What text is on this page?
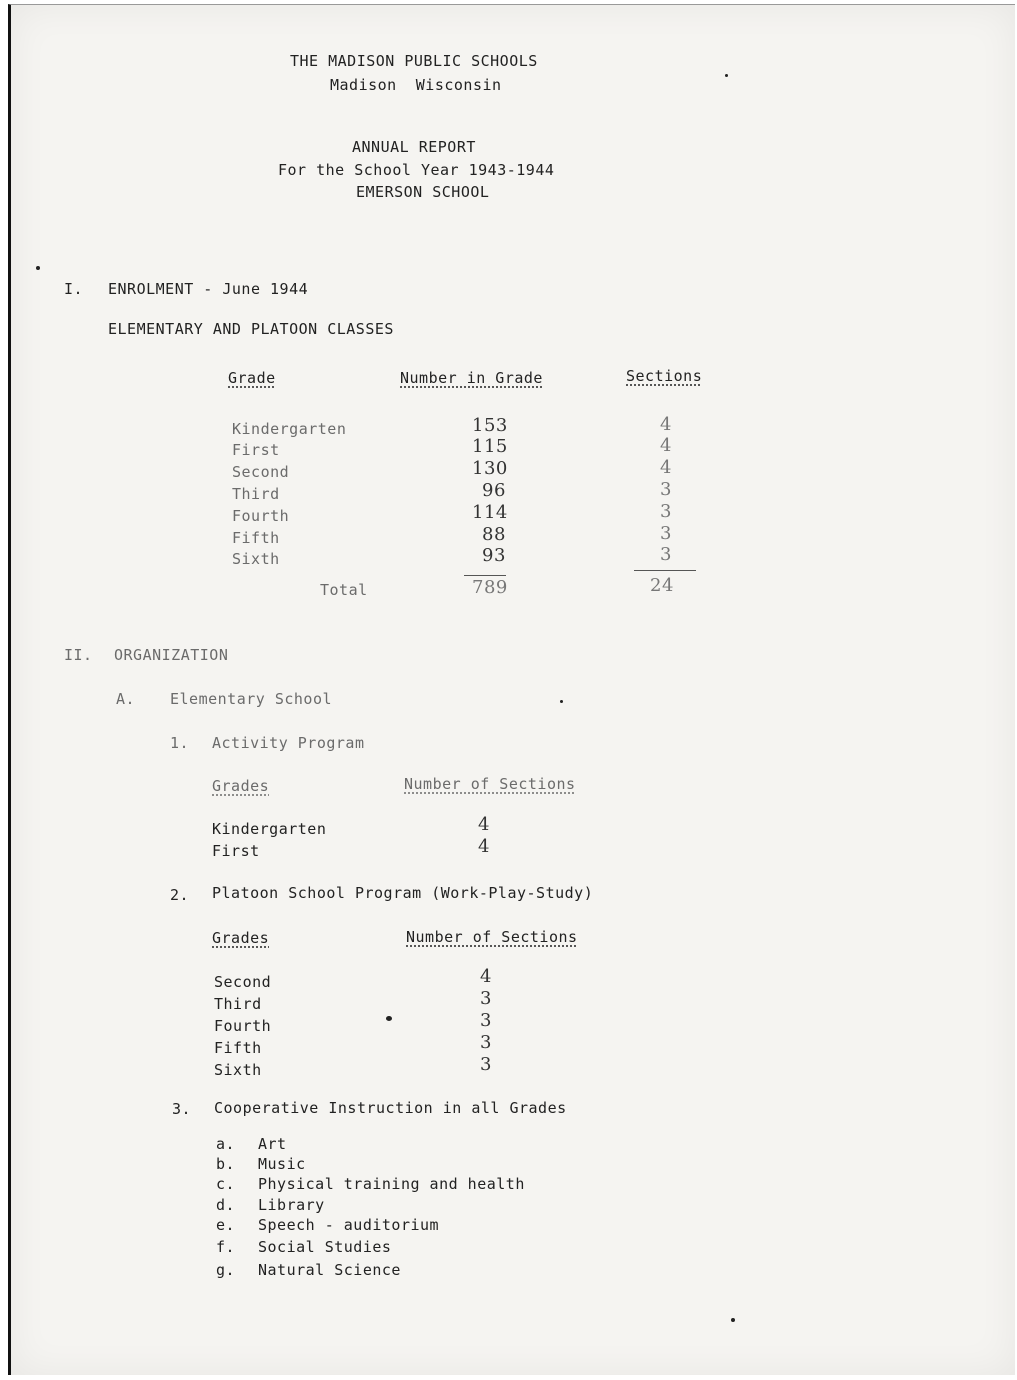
THE MADISON PUBLIC SCHOOLS
Madison  Wisconsin
ANNUAL REPORT
For the School Year 1943-1944
EMERSON SCHOOL
I. ENROLMENT - June 1944
ELEMENTARY AND PLATOON CLASSES
Grade	Number in Grade	Sections
Kindergarten	153	4
First	115	4
Second	130	4
Third	96	3
Fourth	114	3
Fifth	88	3
Sixth	93	3
Total	789	24
II. ORGANIZATION
A. Elementary School
1. Activity Program
Grades	Number of Sections
Kindergarten	4
First	4
2. Platoon School Program (Work-Play-Study)
Grades	Number of Sections
Second	4
Third	3
Fourth	3
Fifth	3
Sixth	3
3. Cooperative Instruction in all Grades
a. Art
b. Music
c. Physical training and health
d. Library
e. Speech - auditorium
f. Social Studies
g. Natural Science
